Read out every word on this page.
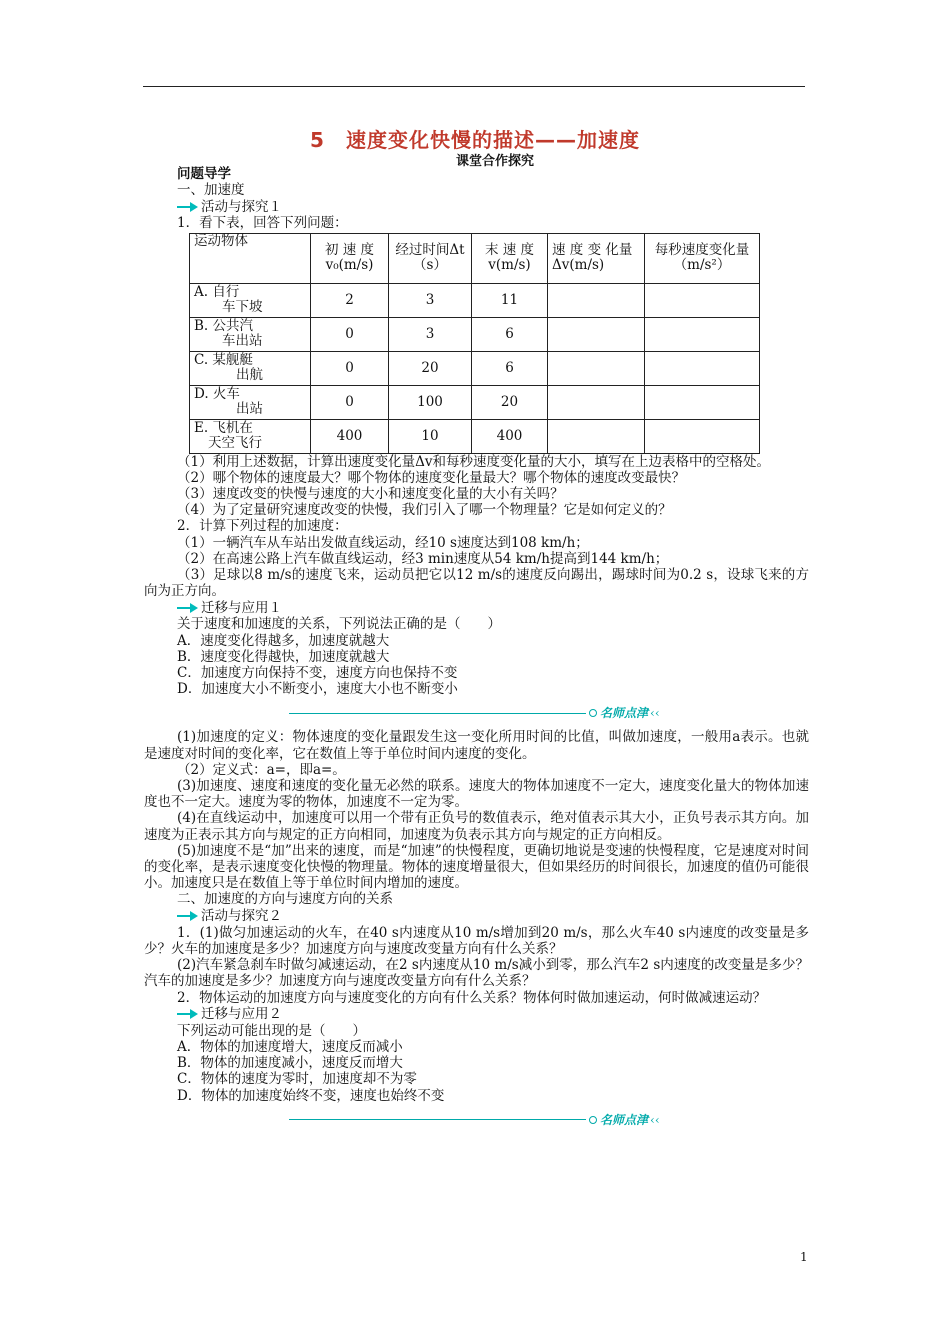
5　速度变化快慢的描述——加速度
课堂合作探究
问题导学
一、加速度
活动与探究１
1．看下表，回答下列问题：
运动物体	初 速 度v₀(m/s)	经过时间Δt（s）	末 速 度v(m/s)	速 度 变 化量Δv(m/s)	每秒速度变化量（m/s²）

A. 自行
车下坡	2	3	11		

B. 公共汽
车出站	0	3	6		

C. 某舰艇
出航	0	20	6		

D. 火车
出站	0	100	20		

E. 飞机在
天空飞行	400	10	400		
（1）利用上述数据，计算出速度变化量Δv和每秒速度变化量的大小，填写在上边表格中的空格处。
（2）哪个物体的速度最大？哪个物体的速度变化量最大？哪个物体的速度改变最快？
（3）速度改变的快慢与速度的大小和速度变化量的大小有关吗？
（4）为了定量研究速度改变的快慢，我们引入了哪一个物理量？它是如何定义的？
2．计算下列过程的加速度：
（1）一辆汽车从车站出发做直线运动，经10 s速度达到108 km/h；
（2）在高速公路上汽车做直线运动，经3 min速度从54 km/h提高到144 km/h；
（3）足球以8 m/s的速度飞来，运动员把它以12 m/s的速度反向踢出，踢球时间为0.2 s，设球飞来的方向为正方向。
迁移与应用１
关于速度和加速度的关系，下列说法正确的是（　　）
A．速度变化得越多，加速度就越大
B．速度变化得越快，加速度就越大
C．加速度方向保持不变，速度方向也保持不变
D．加速度大小不断变小，速度大小也不断变小
名师点津 ‹‹
(1)加速度的定义：物体速度的变化量跟发生这一变化所用时间的比值，叫做加速度，一般用a表示。也就是速度对时间的变化率，它在数值上等于单位时间内速度的变化。
（2）定义式：a=，即a=。
(3)加速度、速度和速度的变化量无必然的联系。速度大的物体加速度不一定大，速度变化量大的物体加速度也不一定大。速度为零的物体，加速度不一定为零。
(4)在直线运动中，加速度可以用一个带有正负号的数值表示，绝对值表示其大小，正负号表示其方向。加速度为正表示其方向与规定的正方向相同，加速度为负表示其方向与规定的正方向相反。
(5)加速度不是“加”出来的速度，而是“加速”的快慢程度，更确切地说是变速的快慢程度，它是速度对时间的变化率，是表示速度变化快慢的物理量。物体的速度增量很大，但如果经历的时间很长，加速度的值仍可能很小。加速度只是在数值上等于单位时间内增加的速度。
二、加速度的方向与速度方向的关系
活动与探究２
1．(1)做匀加速运动的火车，在40 s内速度从10 m/s增加到20 m/s，那么火车40 s内速度的改变量是多少？火车的加速度是多少？加速度方向与速度改变量方向有什么关系？
(2)汽车紧急刹车时做匀减速运动，在2 s内速度从10 m/s减小到零，那么汽车2 s内速度的改变量是多少？汽车的加速度是多少？加速度方向与速度改变量方向有什么关系？
2．物体运动的加速度方向与速度变化的方向有什么关系？物体何时做加速运动，何时做减速运动？
迁移与应用２
下列运动可能出现的是（　　）
A．物体的加速度增大，速度反而减小
B．物体的加速度减小，速度反而增大
C．物体的速度为零时，加速度却不为零
D．物体的加速度始终不变，速度也始终不变
名师点津 ‹‹
1
